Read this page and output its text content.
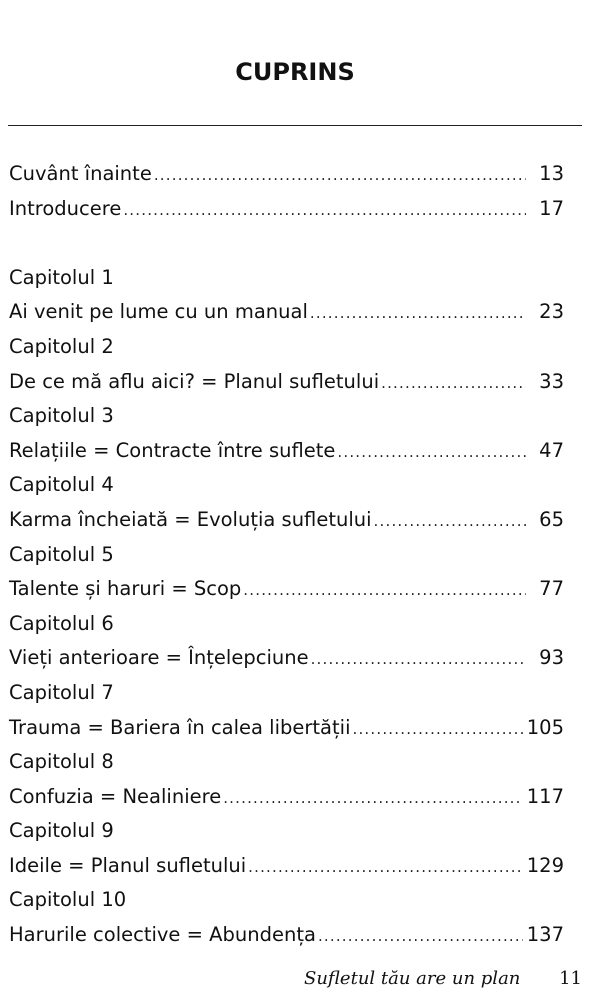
CUPRINS
Cuvânt înainte .....	13
Introducere .....	17
Capitolul 1
Ai venit pe lume cu un manual .....	23
Capitolul 2
De ce mă aflu aici? = Planul sufletului .....	33
Capitolul 3
Relațiile = Contracte între suflete .....	47
Capitolul 4
Karma încheiată = Evoluția sufletului .....	65
Capitolul 5
Talente și haruri = Scop .....	77
Capitolul 6
Vieți anterioare = Înțelepciune .....	93
Capitolul 7
Trauma = Bariera în calea libertății .....	105
Capitolul 8
Confuzia = Nealiniere .....	117
Capitolul 9
Ideile = Planul sufletului .....	129
Capitolul 10
Harurile colective = Abundența .....	137
Sufletul tău are un plan 11
